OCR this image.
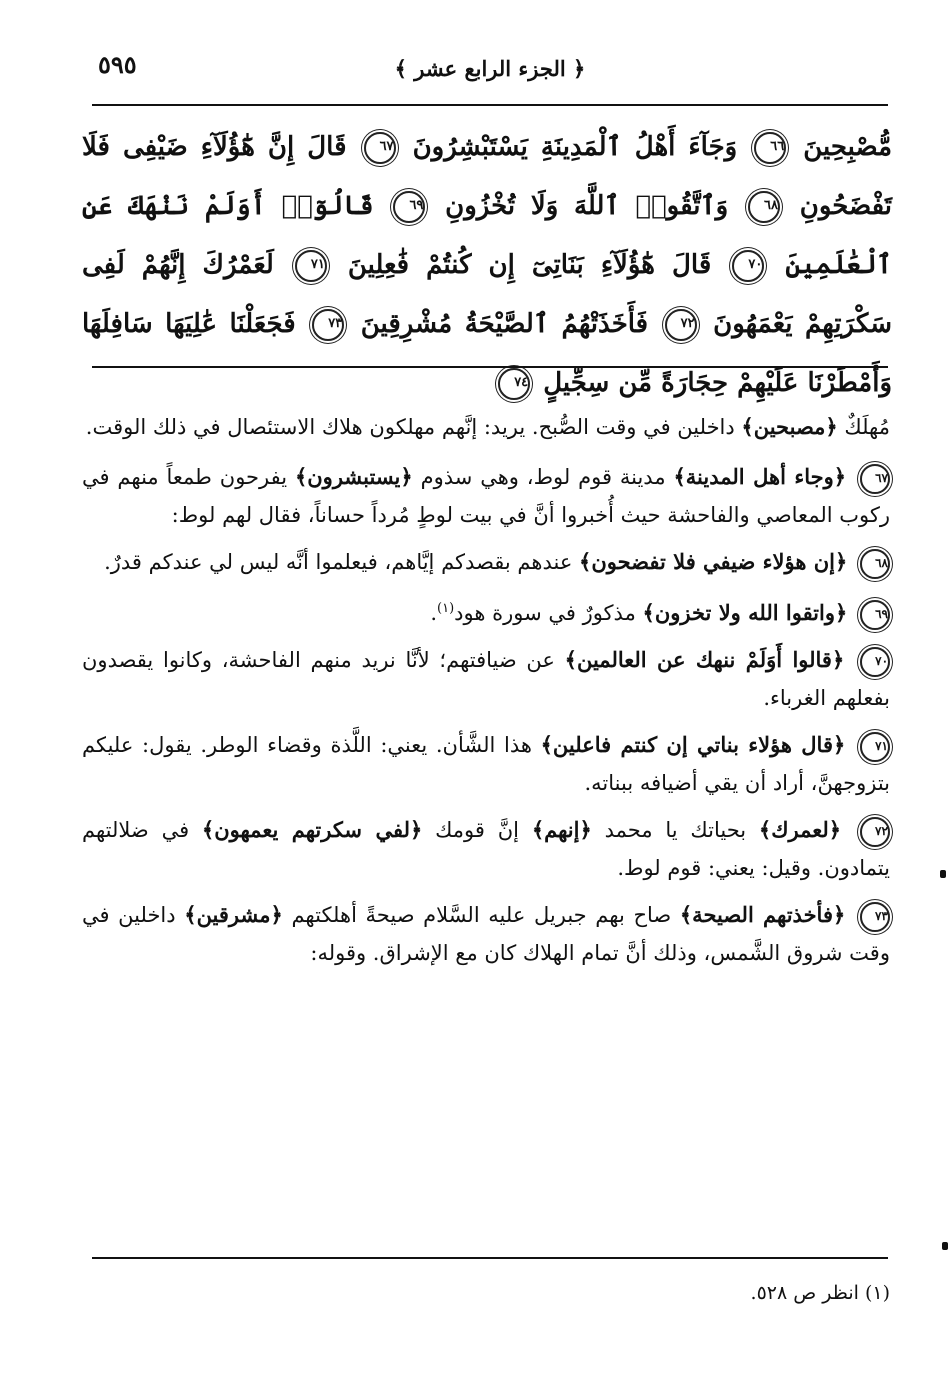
٥٩٥	﴿ الجزء الرابع عشر ﴾
مُّصْبِحِينَ ٦٦ وَجَآءَ أَهْلُ ٱلْمَدِينَةِ يَسْتَبْشِرُونَ ٦٧ قَالَ إِنَّ هَٰٓؤُلَآءِ ضَيْفِى فَلَا تَفْضَحُونِ ٦٨ وَٱتَّقُوا۟ ٱللَّهَ وَلَا تُخْزُونِ ٦٩ قَالُوٓا۟ أَوَلَمْ نَنْهَكَ عَنِ ٱلْعَٰلَمِينَ ٧٠ قَالَ هَٰٓؤُلَآءِ بَنَاتِىٓ إِن كُنتُمْ فَٰعِلِينَ ٧١ لَعَمْرُكَ إِنَّهُمْ لَفِى سَكْرَتِهِمْ يَعْمَهُونَ ٧٢ فَأَخَذَتْهُمُ ٱلصَّيْحَةُ مُشْرِقِينَ ٧٣ فَجَعَلْنَا عَٰلِيَهَا سَافِلَهَا وَأَمْطَرْنَا عَلَيْهِمْ حِجَارَةً مِّن سِجِّيلٍ ٧٤

مُهلَكٌ ﴿مصبحين﴾ داخلين في وقت الصُّبح. يريد: إنَّهم مهلكون هلاك الاستئصال في ذلك الوقت.

٦٧ ﴿وجاء أهل المدينة﴾ مدينة قوم لوط، وهي سذوم ﴿يستبشرون﴾ يفرحون طمعاً منهم في ركوب المعاصي والفاحشة حيث أُخبروا أنَّ في بيت لوطٍ مُرداً حساناً، فقال لهم لوط:

٦٨ ﴿إن هؤلاء ضيفي فلا تفضحون﴾ عندهم بقصدكم إيَّاهم، فيعلموا أنَّه ليس لي عندكم قدرٌ.

٦٩ ﴿واتقوا الله ولا تخزون﴾ مذكورٌ في سورة هود$^{(١)}$.

٧٠ ﴿قالوا أَوَلَمْ ننهك عن العالمين﴾ عن ضيافتهم؛ لأنَّا نريد منهم الفاحشة، وكانوا يقصدون بفعلهم الغرباء.

٧١ ﴿قال هؤلاء بناتي إن كنتم فاعلين﴾ هذا الشَّأن. يعني: اللَّذة وقضاء الوطر. يقول: عليكم بتزوجهنَّ، أراد أن يقي أضيافه ببناته.

٧٢ ﴿لعمرك﴾ بحياتك يا محمد ﴿إنهم﴾ إنَّ قومك ﴿لفي سكرتهم يعمهون﴾ في ضلالتهم يتمادون. وقيل: يعني: قوم لوط.

٧٣ ﴿فأخذتهم الصيحة﴾ صاح بهم جبريل عليه السَّلام صيحةً أهلكتهم ﴿مشرقين﴾ داخلين في وقت شروق الشَّمس، وذلك أنَّ تمام الهلاك كان مع الإشراق. وقوله:

(١) انظر ص ٥٢٨.
